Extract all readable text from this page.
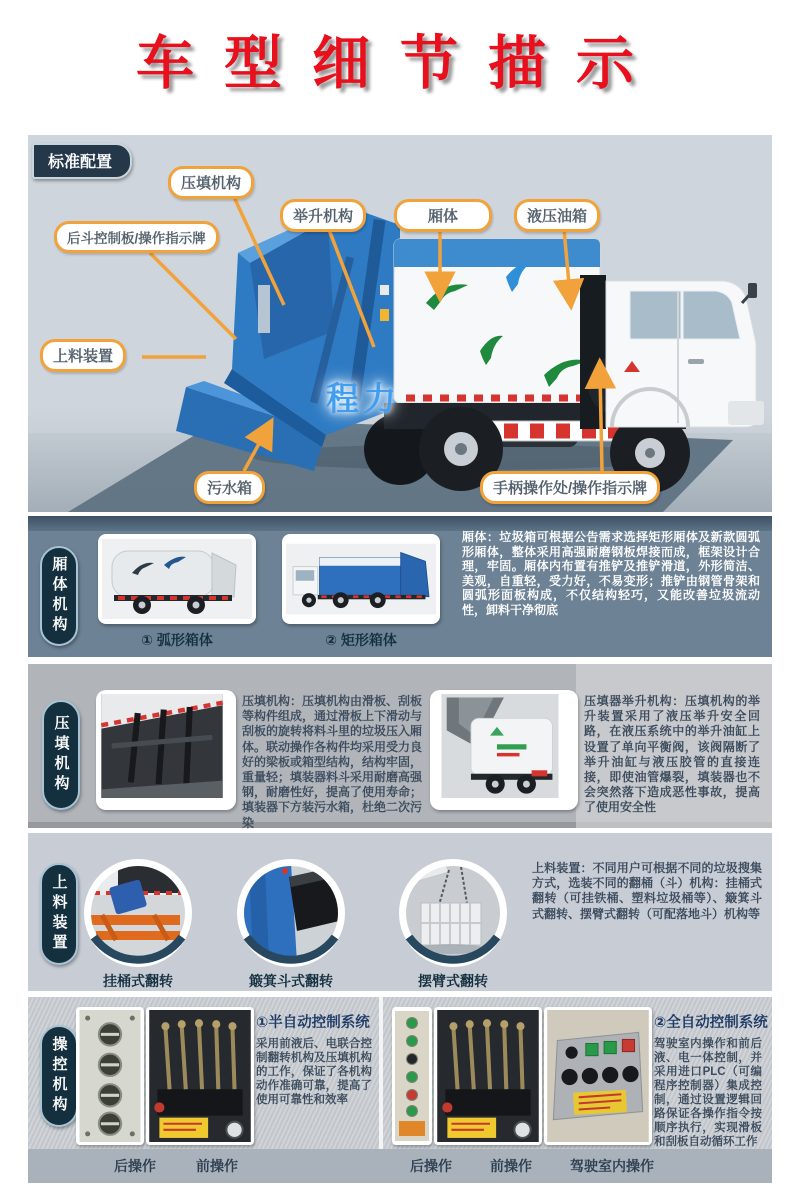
车型细节描示
标准配置
压填机构
举升机构	厢体	液压油箱
后斗控制板/操作指示牌
上料装置
污水箱	手柄操作处/操作指示牌
程力
厢体机构
① 弧形箱体	② 矩形箱体
厢体：垃圾箱可根据公告需求选择矩形厢体及新款圆弧形厢体，整体采用高强耐磨钢板焊接而成，框架设计合理，牢固。厢体内布置有推铲及推铲滑道，外形简洁、美观，自重轻，受力好，不易变形；推铲由钢管骨架和圆弧形面板构成，不仅结构轻巧，又能改善垃圾流动性，卸料干净彻底
压填机构
压填机构：压填机构由滑板、刮板等构件组成，通过滑板上下滑动与刮板的旋转将料斗里的垃圾压入厢体。联动操作各构件均采用受力良好的梁板或箱型结构，结构牢固，重量轻；填装器料斗采用耐磨高强钢，耐磨性好，提高了使用寿命；填装器下方装污水箱，杜绝二次污染
压填器举升机构：压填机构的举升装置采用了液压举升安全回路，在液压系统中的举升油缸上设置了单向平衡阀，该阀隔断了举升油缸与液压胶管的直接连接，即使油管爆裂，填装器也不会突然落下造成恶性事故，提高了使用安全性
上料装置
挂桶式翻转	簸箕斗式翻转	摆臂式翻转
上料装置：不同用户可根据不同的垃圾搜集方式，选装不同的翻桶（斗）机构：挂桶式翻转（可挂铁桶、塑料垃圾桶等）、簸箕斗式翻转、摆臂式翻转（可配落地斗）机构等
操控机构
①半自动控制系统
采用前液后、电联合控制翻转机构及压填机构的工作，保证了各机构动作准确可靠，提高了使用可靠性和效率
②全自动控制系统
驾驶室内操作和前后液、电一体控制，并采用进口PLC（可编程序控制器）集成控制，通过设置逻辑回路保证各操作指令按顺序执行，实现滑板和刮板自动循环工作
后操作	前操作	后操作	前操作	驾驶室内操作
